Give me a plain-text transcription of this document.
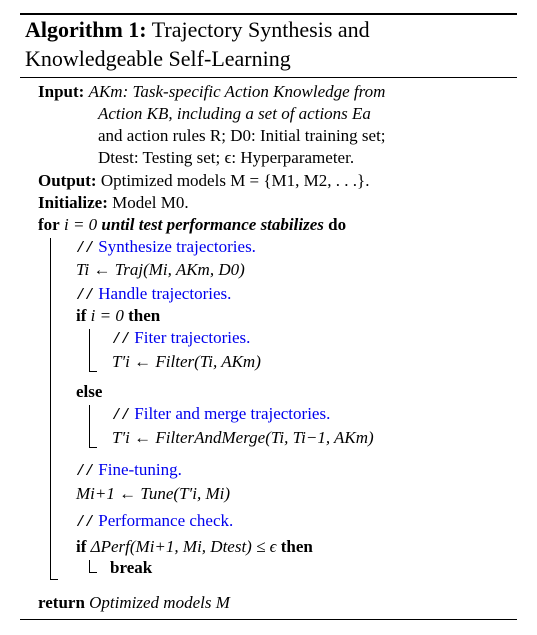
Algorithm 1: Trajectory Synthesis and
Knowledgeable Self-Learning
Input: AKm: Task-specific Action Knowledge from
Action KB, including a set of actions Ea
and action rules R; D0: Initial training set;
Dtest: Testing set; ϵ: Hyperparameter.
Output: Optimized models M = {M1, M2, . . .}.
Initialize: Model M0.
for i = 0 until test performance stabilizes do
// Synthesize trajectories.
Ti ← Traj(Mi, AKm, D0)
// Handle trajectories.
if i = 0 then
// Fiter trajectories.
T′i ← Filter(Ti, AKm)
else
// Filter and merge trajectories.
T′i ← FilterAndMerge(Ti, Ti−1, AKm)
// Fine-tuning.
Mi+1 ← Tune(T′i, Mi)
// Performance check.
if ΔPerf(Mi+1, Mi, Dtest) ≤ ϵ then
break
return Optimized models M
